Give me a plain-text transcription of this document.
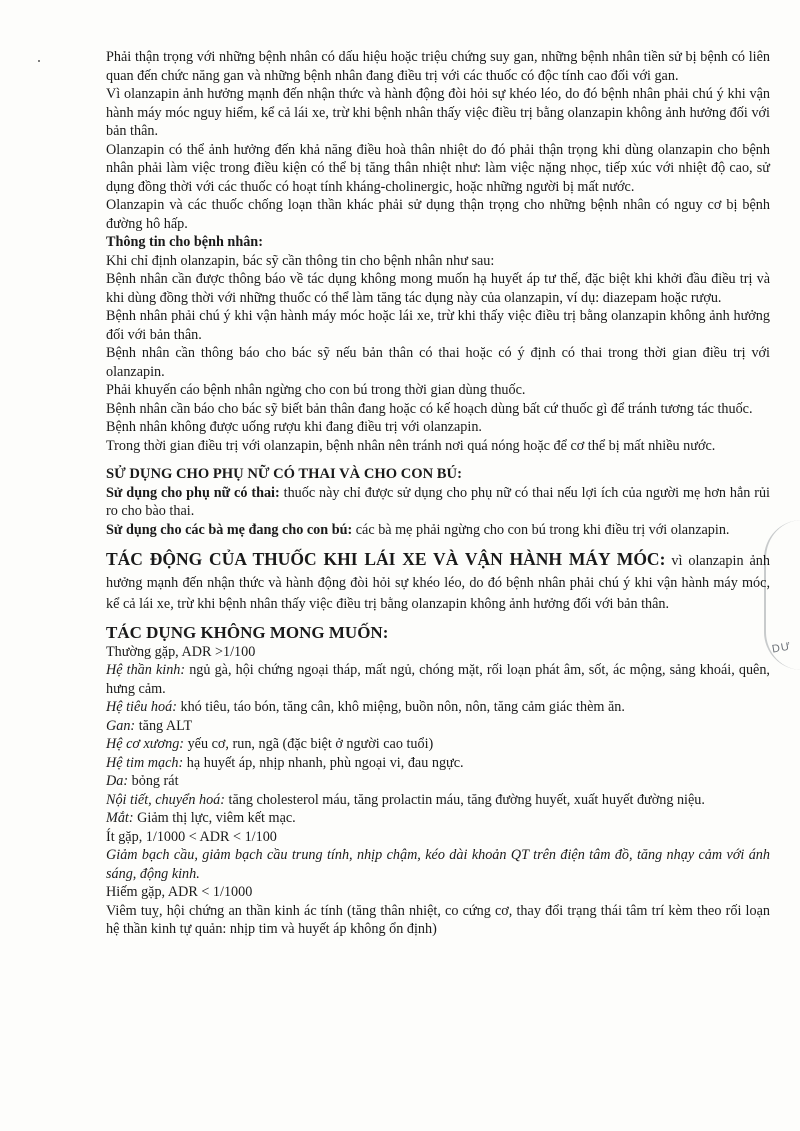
DƯ

Phải thận trọng với những bệnh nhân có dấu hiệu hoặc triệu chứng suy gan, những bệnh nhân tiền sử bị bệnh có liên quan đến chức năng gan và những bệnh nhân đang điều trị với các thuốc có độc tính cao đối với gan.

Vì olanzapin ảnh hưởng mạnh đến nhận thức và hành động đòi hỏi sự khéo léo, do đó bệnh nhân phải chú ý khi vận hành máy móc nguy hiểm, kể cả lái xe, trừ khi bệnh nhân thấy việc điều trị bằng olanzapin không ảnh hưởng đối với bản thân.

Olanzapin có thể ảnh hưởng đến khả năng điều hoà thân nhiệt do đó phải thận trọng khi dùng olanzapin cho bệnh nhân phải làm việc trong điều kiện có thể bị tăng thân nhiệt như: làm việc nặng nhọc, tiếp xúc với nhiệt độ cao, sử dụng đồng thời với các thuốc có hoạt tính kháng-cholinergic, hoặc những người bị mất nước.

Olanzapin và các thuốc chống loạn thần khác phải sử dụng thận trọng cho những bệnh nhân có nguy cơ bị bệnh đường hô hấp.

Thông tin cho bệnh nhân:

Khi chỉ định olanzapin, bác sỹ cần thông tin cho bệnh nhân như sau:

Bệnh nhân cần được thông báo về tác dụng không mong muốn hạ huyết áp tư thế, đặc biệt khi khởi đầu điều trị và khi dùng đồng thời với những thuốc có thể làm tăng tác dụng này của olanzapin, ví dụ: diazepam hoặc rượu.

Bệnh nhân phải chú ý khi vận hành máy móc hoặc lái xe, trừ khi thấy việc điều trị bằng olanzapin không ảnh hưởng đối với bản thân.

Bệnh nhân cần thông báo cho bác sỹ nếu bản thân có thai hoặc có ý định có thai trong thời gian điều trị với olanzapin.

Phải khuyến cáo bệnh nhân ngừng cho con bú trong thời gian dùng thuốc.

Bệnh nhân cần báo cho bác sỹ biết bản thân đang hoặc có kế hoạch dùng bất cứ thuốc gì để tránh tương tác thuốc.

Bệnh nhân không được uống rượu khi đang điều trị với olanzapin.

Trong thời gian điều trị với olanzapin, bệnh nhân nên tránh nơi quá nóng hoặc để cơ thể bị mất nhiều nước.

SỬ DỤNG CHO PHỤ NỮ CÓ THAI VÀ CHO CON BÚ:

Sử dụng cho phụ nữ có thai: thuốc này chỉ được sử dụng cho phụ nữ có thai nếu lợi ích của người mẹ hơn hẳn rủi ro cho bào thai.

Sử dụng cho các bà mẹ đang cho con bú: các bà mẹ phải ngừng cho con bú trong khi điều trị với olanzapin.

TÁC ĐỘNG CỦA THUỐC KHI LÁI XE VÀ VẬN HÀNH MÁY MÓC: vì olanzapin ảnh hưởng mạnh đến nhận thức và hành động đòi hỏi sự khéo léo, do đó bệnh nhân phải chú ý khi vận hành máy móc, kể cả lái xe, trừ khi bệnh nhân thấy việc điều trị bằng olanzapin không ảnh hưởng đối với bản thân.

TÁC DỤNG KHÔNG MONG MUỐN:

Thường gặp, ADR >1/100

Hệ thần kinh: ngủ gà, hội chứng ngoại tháp, mất ngủ, chóng mặt, rối loạn phát âm, sốt, ác mộng, sảng khoái, quên, hưng cảm.

Hệ tiêu hoá: khó tiêu, táo bón, tăng cân, khô miệng, buồn nôn, nôn, tăng cảm giác thèm ăn.

Gan: tăng ALT

Hệ cơ xương: yếu cơ, run, ngã (đặc biệt ở người cao tuổi)

Hệ tim mạch: hạ huyết áp, nhịp nhanh, phù ngoại vi, đau ngực.

Da: bỏng rát

Nội tiết, chuyển hoá: tăng cholesterol máu, tăng prolactin máu, tăng đường huyết, xuất huyết đường niệu.

Mắt: Giảm thị lực, viêm kết mạc.

Ít gặp, 1/1000 < ADR < 1/100

Giảm bạch cầu, giảm bạch cầu trung tính, nhịp chậm, kéo dài khoản QT trên điện tâm đồ, tăng nhạy cảm với ánh sáng, động kinh.

Hiếm gặp, ADR < 1/1000

Viêm tuỵ, hội chứng an thần kinh ác tính (tăng thân nhiệt, co cứng cơ, thay đổi trạng thái tâm trí kèm theo rối loạn hệ thần kinh tự quản: nhịp tim và huyết áp không ổn định)
